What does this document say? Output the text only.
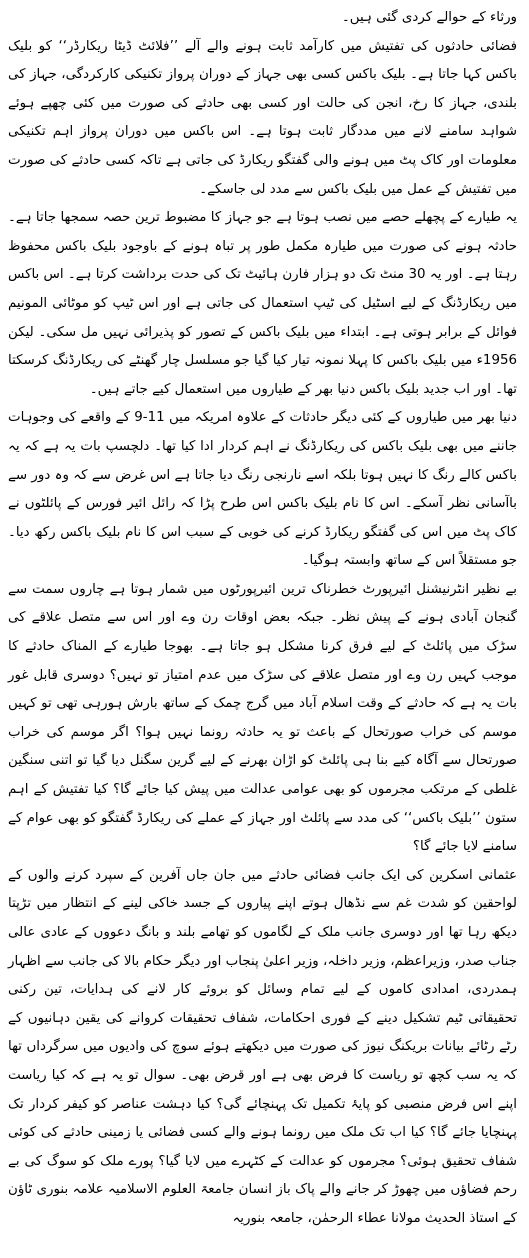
ورثاء کے حوالے کردی گئی ہیں۔

فضائی حادثوں کی تفتیش میں کارآمد ثابت ہونے والے آلے ’’فلائٹ ڈیٹا ریکارڈر‘‘ کو بلیک باکس کہا جاتا ہے۔ بلیک باکس کسی بھی جہاز کے دوران پرواز تکنیکی کارکردگی، جہاز کی بلندی، جہاز کا رخ، انجن کی حالت اور کسی بھی حادثے کی صورت میں کئی چھپے ہوئے شواہد سامنے لانے میں مددگار ثابت ہوتا ہے۔ اس باکس میں دوران پرواز اہم تکنیکی معلومات اور کاک پٹ میں ہونے والی گفتگو ریکارڈ کی جاتی ہے تاکہ کسی حادثے کی صورت میں تفتیش کے عمل میں بلیک باکس سے مدد لی جاسکے۔

یہ طیارے کے پچھلے حصے میں نصب ہوتا ہے جو جہاز کا مضبوط ترین حصہ سمجھا جاتا ہے۔ حادثہ ہونے کی صورت میں طیارہ مکمل طور پر تباہ ہونے کے باوجود بلیک باکس محفوظ رہتا ہے۔ اور یہ 30 منٹ تک دو ہزار فارن ہائیٹ تک کی حدت برداشت کرتا ہے۔ اس باکس میں ریکارڈنگ کے لیے اسٹیل کی ٹیپ استعمال کی جاتی ہے اور اس ٹیپ کو موٹائی المونیم فوائل کے برابر ہوتی ہے۔ ابتداء میں بلیک باکس کے تصور کو پذیرائی نہیں مل سکی۔ لیکن 1956ء میں بلیک باکس کا پہلا نمونہ تیار کیا گیا جو مسلسل چار گھنٹے کی ریکارڈنگ کرسکتا تھا۔ اور اب جدید بلیک باکس دنیا بھر کے طیاروں میں استعمال کیے جاتے ہیں۔

دنیا بھر میں طیاروں کے کئی دیگر حادثات کے علاوہ امریکہ میں 11-9 کے واقعے کی وجوہات جاننے میں بھی بلیک باکس کی ریکارڈنگ نے اہم کردار ادا کیا تھا۔ دلچسپ بات یہ ہے کہ یہ باکس کالے رنگ کا نہیں ہوتا بلکہ اسے نارنجی رنگ دیا جاتا ہے اس غرض سے کہ وہ دور سے باآسانی نظر آسکے۔ اس کا نام بلیک باکس اس طرح پڑا کہ رائل ائیر فورس کے پائلٹوں نے کاک پٹ میں اس کی گفتگو ریکارڈ کرنے کی خوبی کے سبب اس کا نام بلیک باکس رکھ دیا۔ جو مستقلاً اس کے ساتھ وابستہ ہوگیا۔

بے نظیر انٹرنیشنل ائیرپورٹ خطرناک ترین ائیرپورٹوں میں شمار ہوتا ہے چاروں سمت سے گنجان آبادی ہونے کے پیش نظر۔ جبکہ بعض اوقات رن وے اور اس سے متصل علاقے کی سڑک میں پائلٹ کے لیے فرق کرنا مشکل ہو جاتا ہے۔ بھوجا طیارے کے المناک حادثے کا موجب کہیں رن وے اور متصل علاقے کی سڑک میں عدم امتیاز تو نہیں؟ دوسری قابل غور بات یہ ہے کہ حادثے کے وقت اسلام آباد میں گرج چمک کے ساتھ بارش ہورہی تھی تو کہیں موسم کی خراب صورتحال کے باعث تو یہ حادثہ رونما نہیں ہوا؟ اگر موسم کی خراب صورتحال سے آگاہ کیے بنا ہی پائلٹ کو اڑان بھرنے کے لیے گرین سگنل دیا گیا تو اتنی سنگین غلطی کے مرتکب مجرموں کو بھی عوامی عدالت میں پیش کیا جائے گا؟ کیا تفتیش کے اہم ستون ’’بلیک باکس‘‘ کی مدد سے پائلٹ اور جہاز کے عملے کی ریکارڈ گفتگو کو بھی عوام کے سامنے لایا جائے گا؟

عثمانی اسکرین کی ایک جانب فضائی حادثے میں جان جاں آفرین کے سپرد کرنے والوں کے لواحقین کو شدت غم سے نڈھال ہوتے اپنے پیاروں کے جسد خاکی لینے کے انتظار میں تڑپتا دیکھ رہا تھا اور دوسری جانب ملک کے لگاموں کو تھامے بلند و بانگ دعووں کے عادی عالی جناب صدر، وزیراعظم، وزیر داخلہ، وزیر اعلیٰ پنجاب اور دیگر حکام بالا کی جانب سے اظہار ہمدردی، امدادی کاموں کے لیے تمام وسائل کو بروئے کار لانے کی ہدایات، تین رکنی تحقیقاتی ٹیم تشکیل دینے کے فوری احکامات، شفاف تحقیقات کروانے کی یقین دہانیوں کے رٹے رٹائے بیانات بریکنگ نیوز کی صورت میں دیکھتے ہوئے سوچ کی وادیوں میں سرگرداں تھا کہ یہ سب کچھ تو ریاست کا فرض بھی ہے اور قرض بھی۔ سوال تو یہ ہے کہ کیا ریاست اپنے اس فرض منصبی کو پایۂ تکمیل تک پہنچائے گی؟ کیا دہشت عناصر کو کیفر کردار تک پہنچایا جائے گا؟ کیا اب تک ملک میں رونما ہونے والے کسی فضائی یا زمینی حادثے کی کوئی شفاف تحقیق ہوئی؟ مجرموں کو عدالت کے کٹہرے میں لایا گیا؟ پورے ملک کو سوگ کی بے رحم فضاؤں میں چھوڑ کر جانے والے پاک باز انسان جامعۃ العلوم الاسلامیہ علامہ بنوری ٹاؤن کے استاذ الحدیث مولانا عطاء الرحمٰن، جامعہ بنوریہ
